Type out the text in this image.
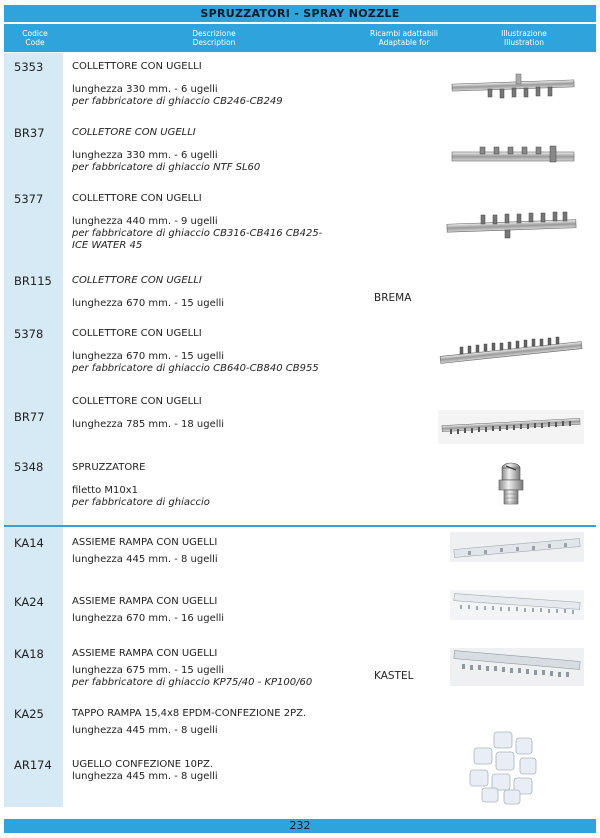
SPRUZZATORI - SPRAY NOZZLE
Codice
Code
Descrizione
Description
Ricambi adattabili
Adaptable for
Illustrazione
Illustration
5353
BR37
5377
BR115
5378
BR77
5348
KA14
KA24
KA18
KA25
AR174
COLLETTORE CON UGELLI
lunghezza 330 mm. - 6 ugelli
per fabbricatore di ghiaccio CB246-CB249
COLLETORE CON UGELLI
lunghezza 330 mm. - 6 ugelli
per fabbricatore di ghiaccio NTF SL60
COLLETTORE CON UGELLI
lunghezza 440 mm. - 9 ugelli
per fabbricatore di ghiaccio CB316-CB416 CB425-
ICE WATER 45
COLLETTORE CON UGELLI
lunghezza 670 mm. - 15 ugelli
COLLETTORE CON UGELLI
lunghezza 670 mm. - 15 ugelli
per fabbricatore di ghiaccio CB640-CB840 CB955
COLLETTORE CON UGELLI
lunghezza 785 mm. - 18 ugelli
SPRUZZATORE
filetto M10x1
per fabbricatore di ghiaccio
ASSIEME RAMPA CON UGELLI
lunghezza 445 mm. - 8 ugelli
ASSIEME RAMPA CON UGELLI
lunghezza 670 mm. - 16 ugelli
ASSIEME RAMPA CON UGELLI
lunghezza 675 mm. - 15 ugelli
per fabbricatore di ghiaccio KP75/40 - KP100/60
TAPPO RAMPA 15,4x8 EPDM-CONFEZIONE 2PZ.
lunghezza 445 mm. - 8 ugelli
UGELLO CONFEZIONE 10PZ.
lunghezza 445 mm. - 8 ugelli
BREMA
KASTEL
232
